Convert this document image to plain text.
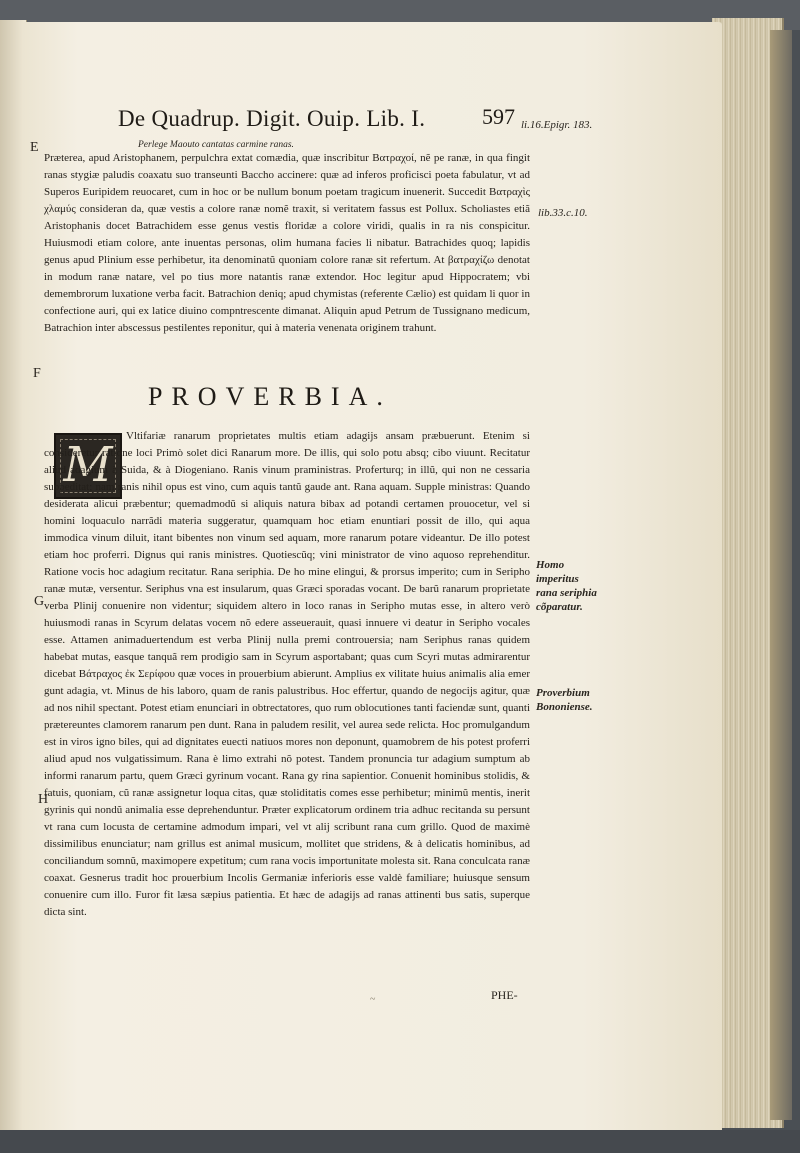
De Quadrup. Digit. Ouip. Lib. I.	597
Perlege Maouto cantatas carmine ranas.
li.16.Epigr. 183.
lib.33.c.10.
Homo imperitus rana seriphia cõparatur.
Proverbium Bononiense.
E
F
G
H

Præterea, apud Aristophanem, perpulchra extat comædia, quæ inscribitur Βατραχοί, nẽ pe ranæ, in qua fingit ranas stygiæ paludis coaxatu suo transeunti Baccho accinere: quæ ad inferos proficisci poeta fabulatur, vt ad Superos Euripidem reuocaret, cum in hoc or be nullum bonum poetam tragicum inuenerit. Succedit Βατραχὶς χλαμύς consideran da, quæ vestis a colore ranæ nomẽ traxit, si veritatem fassus est Pollux. Scholiastes etiã Aristophanis docet Batrachidem esse genus vestis floridæ a colore viridi, qualis in ra nis conspicitur. Huiusmodi etiam colore, ante inuentas personas, olim humana facies li nibatur. Batrachides quoq; lapidis genus apud Plinium esse perhibetur, ita denominatũ quoniam colore ranæ sit refertum. At βατραχίζω denotat in modum ranæ natare, vel po tius more natantis ranæ extendor. Hoc legitur apud Hippocratem; vbi demembrorum luxatione verba facit. Batrachion deniq; apud chymistas (referente Cælio) est quidam li quor in confectione auri, qui ex latice diuino compntrescente dimanat. Aliquin apud Petrum de Tussignano medicum, Batrachion inter abscessus pestilentes reponitur, qui à materia venenata originem trahunt.

PROVERBIA.
M

Vltifariæ ranarum proprietates multis etiam adagijs ansam præbuerunt. Etenim si consideretur ratione loci Primò solet dici Ranarum more. De illis, qui solo potu absq; cibo viuunt. Recitatur aliud adagium à Suida, & à Diogeniano. Ranis vinum praministras. Proferturq; in illũ, qui non ne cessaria suppeditat; nam ranis nihil opus est vino, cum aquis tantũ gaude ant. Rana aquam. Supple ministras: Quando desiderata alicui præbentur; quemadmodũ si aliquis natura bibax ad potandi certamen prouocetur, vel si homini loquaculo narrãdi materia suggeratur, quamquam hoc etiam enuntiari possit de illo, qui aqua immodica vinum diluit, itant bibentes non vinum sed aquam, more ranarum potare videantur. De illo potest etiam hoc proferri. Dignus qui ranis ministres. Quotiescũq; vini ministrator de vino aquoso reprehenditur. Ratione vocis hoc adagium recitatur. Rana seriphia. De ho mine elingui, & prorsus imperito; cum in Seripho ranæ mutæ, versentur. Seriphus vna est insularum, quas Græci sporadas vocant. De barũ ranarum proprietate verba Plinij conuenire non videntur; siquidem altero in loco ranas in Seripho mutas esse, in altero verò huiusmodi ranas in Scyrum delatas vocem nõ edere asseuerauit, quasi innuere vi deatur in Seripho vocales esse. Attamen animaduertendum est verba Plinij nulla premi controuersia; nam Seriphus ranas quidem habebat mutas, easque tanquã rem prodigio sam in Scyrum asportabant; quas cum Scyri mutas admirarentur dicebat Βάτραχος ἐκ Σερίφου quæ voces in prouerbium abierunt. Amplius ex vilitate huius animalis alia emer gunt adagia, vt. Minus de his laboro, quam de ranis palustribus. Hoc effertur, quando de negocijs agitur, quæ ad nos nihil spectant. Potest etiam enunciari in obtrectatores, quo rum oblocutiones tanti faciendæ sunt, quanti prætereuntes clamorem ranarum pen dunt. Rana in paludem resilit, vel aurea sede relicta. Hoc promulgandum est in viros igno biles, qui ad dignitates euecti natiuos mores non deponunt, quamobrem de his potest proferri aliud apud nos vulgatissimum. Rana è limo extrahi nõ potest. Tandem pronuncia tur adagium sumptum ab informi ranarum partu, quem Græci gyrinum vocant. Rana gy rina sapientior. Conuenit hominibus stolidis, & fatuis, quoniam, cũ ranæ assignetur loqua citas, quæ stoliditatis comes esse perhibetur; minimũ mentis, inerit gyrinis qui nondũ animalia esse deprehenduntur. Præter explicatorum ordinem tria adhuc recitanda su persunt vt rana cum locusta de certamine admodum impari, vel vt alij scribunt rana cum grillo. Quod de maximè dissimilibus enunciatur; nam grillus est animal musicum, mollitet que stridens, & à delicatis hominibus, ad conciliandum somnũ, maximopere expetitum; cum rana vocis importunitate molesta sit. Rana conculcata ranæ coaxat. Gesnerus tradit hoc prouerbium Incolis Germaniæ inferioris esse valdè familiare; huiusque sensum conuenire cum illo. Furor fit læsa sæpius patientia. Et hæc de adagijs ad ranas attinenti bus satis, superque dicta sint.

~	PHE-
